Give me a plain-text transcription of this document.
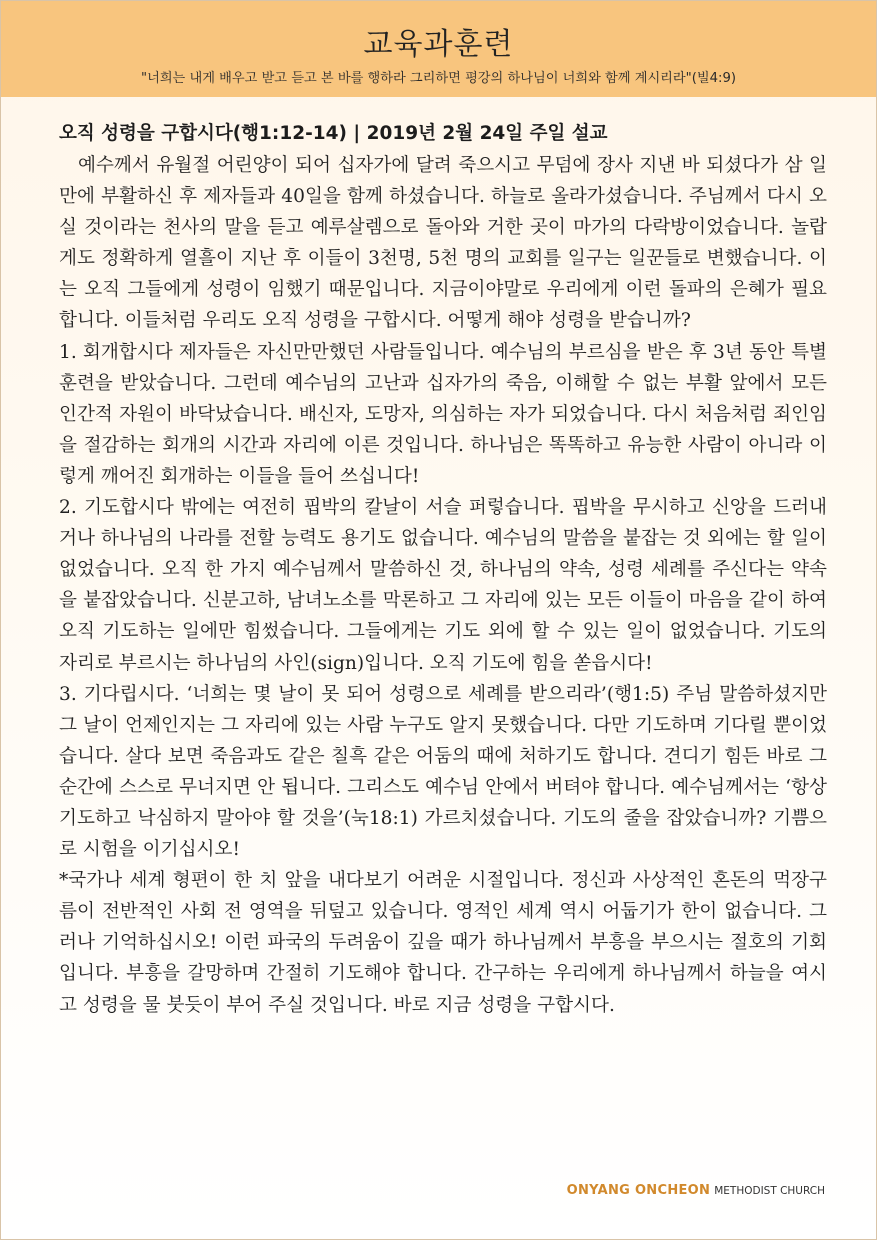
교육과훈련
"너희는 내게 배우고 받고 듣고 본 바를 행하라 그리하면 평강의 하나님이 너희와 함께 계시리라"(빌4:9)
오직 성령을 구합시다(행1:12-14) | 2019년 2월 24일 주일 설교

예수께서 유월절 어린양이 되어 십자가에 달려 죽으시고 무덤에 장사 지낸 바 되셨다가 삼 일만에 부활하신 후 제자들과 40일을 함께 하셨습니다. 하늘로 올라가셨습니다. 주님께서 다시 오실 것이라는 천사의 말을 듣고 예루살렘으로 돌아와 거한 곳이 마가의 다락방이었습니다. 놀랍게도 정확하게 열흘이 지난 후 이들이 3천명, 5천 명의 교회를 일구는 일꾼들로 변했습니다. 이는 오직 그들에게 성령이 임했기 때문입니다. 지금이야말로 우리에게 이런 돌파의 은혜가 필요합니다. 이들처럼 우리도 오직 성령을 구합시다. 어떻게 해야 성령을 받습니까?

1. 회개합시다 제자들은 자신만만했던 사람들입니다. 예수님의 부르심을 받은 후 3년 동안 특별 훈련을 받았습니다. 그런데 예수님의 고난과 십자가의 죽음, 이해할 수 없는 부활 앞에서 모든 인간적 자원이 바닥났습니다. 배신자, 도망자, 의심하는 자가 되었습니다. 다시 처음처럼 죄인임을 절감하는 회개의 시간과 자리에 이른 것입니다. 하나님은 똑똑하고 유능한 사람이 아니라 이렇게 깨어진 회개하는 이들을 들어 쓰십니다!

2. 기도합시다 밖에는 여전히 핍박의 칼날이 서슬 퍼렇습니다. 핍박을 무시하고 신앙을 드러내거나 하나님의 나라를 전할 능력도 용기도 없습니다. 예수님의 말씀을 붙잡는 것 외에는 할 일이 없었습니다. 오직 한 가지 예수님께서 말씀하신 것, 하나님의 약속, 성령 세례를 주신다는 약속을 붙잡았습니다. 신분고하, 남녀노소를 막론하고 그 자리에 있는 모든 이들이 마음을 같이 하여 오직 기도하는 일에만 힘썼습니다. 그들에게는 기도 외에 할 수 있는 일이 없었습니다. 기도의 자리로 부르시는 하나님의 사인(sign)입니다. 오직 기도에 힘을 쏟읍시다!

3. 기다립시다. ‘너희는 몇 날이 못 되어 성령으로 세례를 받으리라’(행1:5) 주님 말씀하셨지만 그 날이 언제인지는 그 자리에 있는 사람 누구도 알지 못했습니다. 다만 기도하며 기다릴 뿐이었습니다. 살다 보면 죽음과도 같은 칠흑 같은 어둠의 때에 처하기도 합니다. 견디기 힘든 바로 그 순간에 스스로 무너지면 안 됩니다. 그리스도 예수님 안에서 버텨야 합니다. 예수님께서는 ‘항상 기도하고 낙심하지 말아야 할 것을’(눅18:1) 가르치셨습니다. 기도의 줄을 잡았습니까? 기쁨으로 시험을 이기십시오!

*국가나 세계 형편이 한 치 앞을 내다보기 어려운 시절입니다. 정신과 사상적인 혼돈의 먹장구름이 전반적인 사회 전 영역을 뒤덮고 있습니다. 영적인 세계 역시 어둡기가 한이 없습니다. 그러나 기억하십시오! 이런 파국의 두려움이 깊을 때가 하나님께서 부흥을 부으시는 절호의 기회입니다. 부흥을 갈망하며 간절히 기도해야 합니다. 간구하는 우리에게 하나님께서 하늘을 여시고 성령을 물 붓듯이 부어 주실 것입니다. 바로 지금 성령을 구합시다.

ONYANG ONCHEON METHODIST CHURCH
